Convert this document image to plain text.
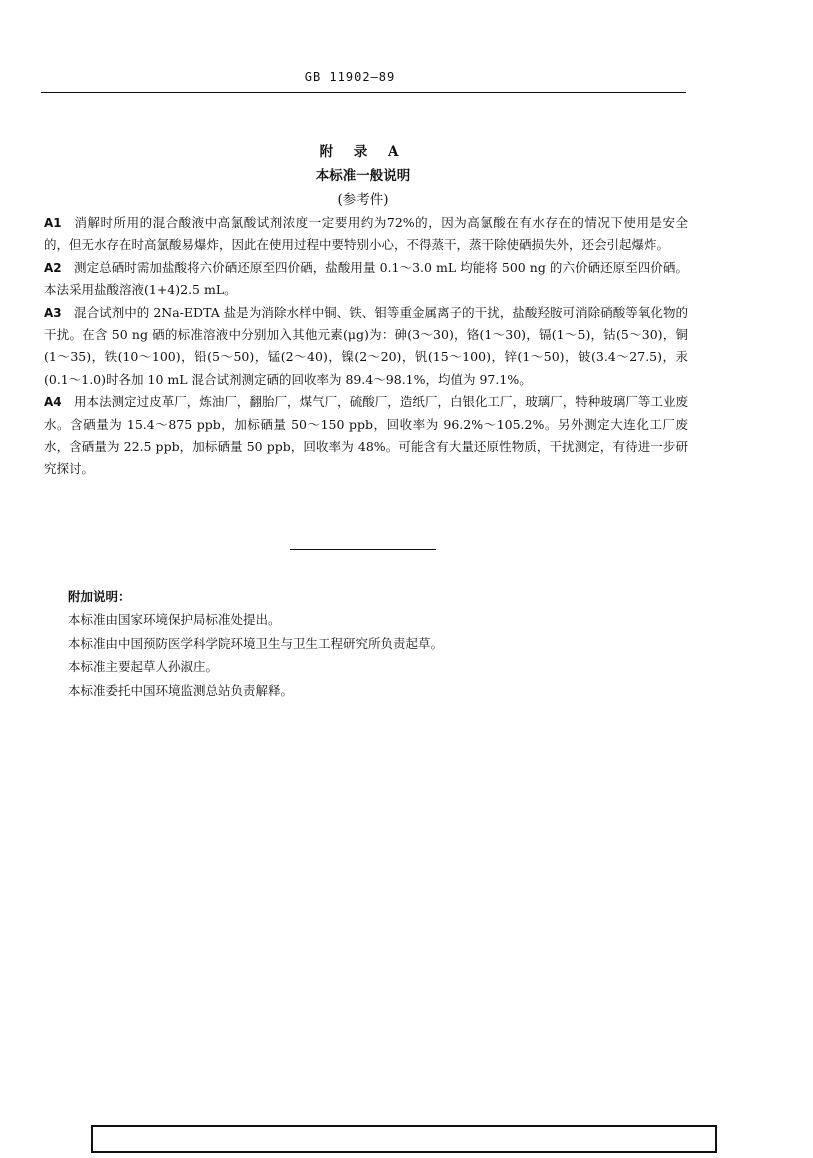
GB 11902—89
附 录 A
本标准一般说明
(参考件)

A1 消解时所用的混合酸液中高氯酸试剂浓度一定要用约为72%的，因为高氯酸在有水存在的情况下使用是安全的，但无水存在时高氯酸易爆炸，因此在使用过程中要特别小心，不得蒸干，蒸干除使硒损失外，还会引起爆炸。

A2 测定总硒时需加盐酸将六价硒还原至四价硒，盐酸用量 0.1～3.0 mL 均能将 500 ng 的六价硒还原至四价硒。本法采用盐酸溶液(1+4)2.5 mL。

A3 混合试剂中的 2Na-EDTA 盐是为消除水样中铜、铁、钼等重金属离子的干扰，盐酸羟胺可消除硝酸等氧化物的干扰。在含 50 ng 硒的标准溶液中分别加入其他元素(μg)为：砷(3～30)，铬(1～30)，镉(1～5)，钴(5～30)，铜(1～35)，铁(10～100)，铅(5～50)，锰(2～40)，镍(2～20)，钒(15～100)，锌(1～50)，铍(3.4～27.5)，汞(0.1～1.0)时各加 10 mL 混合试剂测定硒的回收率为 89.4～98.1%，均值为 97.1%。

A4 用本法测定过皮革厂，炼油厂，翻胎厂，煤气厂，硫酸厂，造纸厂，白银化工厂，玻璃厂，特种玻璃厂等工业废水。含硒量为 15.4～875 ppb，加标硒量 50～150 ppb，回收率为 96.2%～105.2%。另外测定大连化工厂废水，含硒量为 22.5 ppb，加标硒量 50 ppb，回收率为 48%。可能含有大量还原性物质，干扰测定，有待进一步研究探讨。

附加说明：
本标准由国家环境保护局标准处提出。
本标准由中国预防医学科学院环境卫生与卫生工程研究所负责起草。
本标准主要起草人孙淑庄。
本标准委托中国环境监测总站负责解释。
